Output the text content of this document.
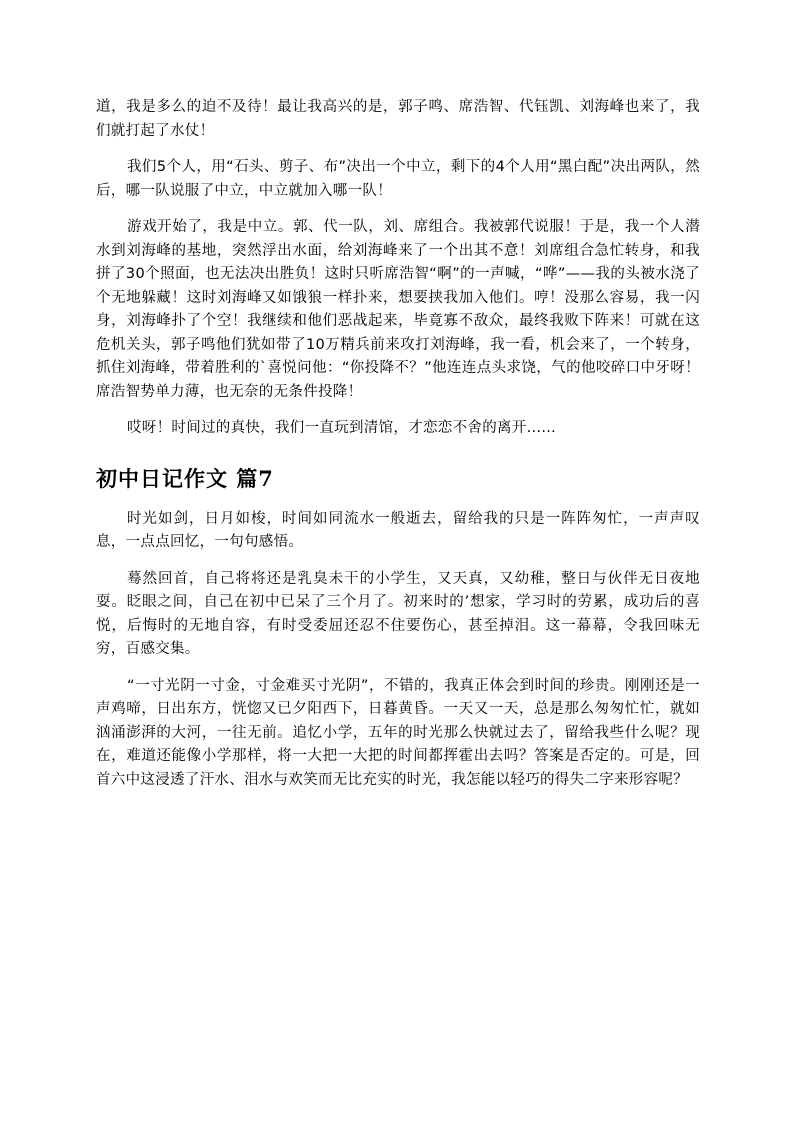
道，我是多么的迫不及待！最让我高兴的是，郭子鸣、席浩智、代钰凯、刘海峰也来了，我们就打起了水仗！

我们5个人，用“石头、剪子、布”决出一个中立，剩下的4个人用“黑白配”决出两队，然后，哪一队说服了中立，中立就加入哪一队！

游戏开始了，我是中立。郭、代一队，刘、席组合。我被郭代说服！于是，我一个人潜水到刘海峰的基地，突然浮出水面，给刘海峰来了一个出其不意！刘席组合急忙转身，和我拼了30个照面，也无法决出胜负！这时只听席浩智“啊”的一声喊，“哗”——我的头被水浇了个无地躲藏！这时刘海峰又如饿狼一样扑来，想要挟我加入他们。哼！没那么容易，我一闪身，刘海峰扑了个空！我继续和他们恶战起来，毕竟寡不敌众，最终我败下阵来！可就在这危机关头，郭子鸣他们犹如带了10万精兵前来攻打刘海峰，我一看，机会来了，一个转身，抓住刘海峰，带着胜利的`喜悦问他：“你投降不？”他连连点头求饶，气的他咬碎口中牙呀！席浩智势单力薄，也无奈的无条件投降！

哎呀！时间过的真快，我们一直玩到清馆，才恋恋不舍的离开......

初中日记作文 篇7

时光如剑，日月如梭，时间如同流水一般逝去，留给我的只是一阵阵匆忙，一声声叹息，一点点回忆，一句句感悟。

蓦然回首，自己将将还是乳臭未干的小学生，又天真，又幼稚，整日与伙伴无日夜地耍。眨眼之间，自己在初中已呆了三个月了。初来时的’想家，学习时的劳累，成功后的喜悦，后悔时的无地自容，有时受委屈还忍不住要伤心，甚至掉泪。这一幕幕，令我回味无穷，百感交集。

“一寸光阴一寸金，寸金难买寸光阴”，不错的，我真正体会到时间的珍贵。刚刚还是一声鸡啼，日出东方，恍惚又已夕阳西下，日暮黄昏。一天又一天，总是那么匆匆忙忙，就如汹涌澎湃的大河，一往无前。追忆小学，五年的时光那么快就过去了，留给我些什么呢？现在，难道还能像小学那样，将一大把一大把的时间都挥霍出去吗？答案是否定的。可是，回首六中这浸透了汗水、泪水与欢笑而无比充实的时光，我怎能以轻巧的得失二字来形容呢？
